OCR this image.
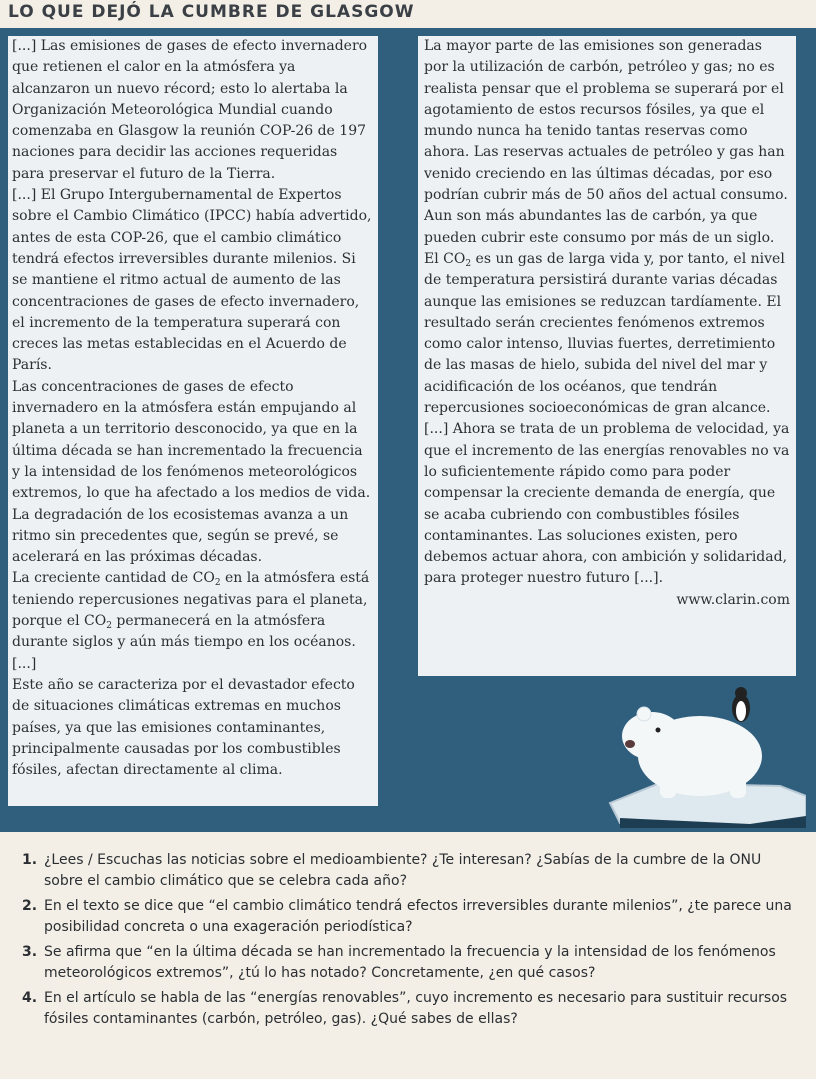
LO QUE DEJÓ LA CUMBRE DE GLASGOW

[...] Las emisiones de gases de efecto invernadero que retienen el calor en la atmósfera ya alcanzaron un nuevo récord; esto lo alertaba la Organización Meteorológica Mundial cuando comenzaba en Glasgow la reunión COP-26 de 197 naciones para decidir las acciones requeridas para preservar el futuro de la Tierra.

[...] El Grupo Intergubernamental de Expertos sobre el Cambio Climático (IPCC) había advertido, antes de esta COP-26, que el cambio climático tendrá efectos irreversibles durante milenios. Si se mantiene el ritmo actual de aumento de las concentraciones de gases de efecto invernadero, el incremento de la temperatura superará con creces las metas establecidas en el Acuerdo de París.

Las concentraciones de gases de efecto invernadero en la atmósfera están empujando al planeta a un territorio desconocido, ya que en la última década se han incrementado la frecuencia y la intensidad de los fenómenos meteorológicos extremos, lo que ha afectado a los medios de vida. La degradación de los ecosistemas avanza a un ritmo sin precedentes que, según se prevé, se acelerará en las próximas décadas.

La creciente cantidad de $CO_2$ en la atmósfera está teniendo repercusiones negativas para el planeta, porque el $CO_2$ permanecerá en la atmósfera durante siglos y aún más tiempo en los océanos. [...]

Este año se caracteriza por el devastador efecto de situaciones climáticas extremas en muchos países, ya que las emisiones contaminantes, principalmente causadas por los combustibles fósiles, afectan directamente al clima.

La mayor parte de las emisiones son generadas por la utilización de carbón, petróleo y gas; no es realista pensar que el problema se superará por el agotamiento de estos recursos fósiles, ya que el mundo nunca ha tenido tantas reservas como ahora. Las reservas actuales de petróleo y gas han venido creciendo en las últimas décadas, por eso podrían cubrir más de 50 años del actual consumo. Aun son más abundantes las de carbón, ya que pueden cubrir este consumo por más de un siglo.

El $CO_2$ es un gas de larga vida y, por tanto, el nivel de temperatura persistirá durante varias décadas aunque las emisiones se reduzcan tardíamente. El resultado serán crecientes fenómenos extremos como calor intenso, lluvias fuertes, derretimiento de las masas de hielo, subida del nivel del mar y acidificación de los océanos, que tendrán repercusiones socioeconómicas de gran alcance.

[...] Ahora se trata de un problema de velocidad, ya que el incremento de las energías renovables no va lo suficientemente rápido como para poder compensar la creciente demanda de energía, que se acaba cubriendo con combustibles fósiles contaminantes. Las soluciones existen, pero debemos actuar ahora, con ambición y solidaridad, para proteger nuestro futuro [...].

www.clarin.com

1. ¿Lees / Escuchas las noticias sobre el medioambiente? ¿Te interesan? ¿Sabías de la cumbre de la ONU sobre el cambio climático que se celebra cada año?
2. En el texto se dice que “el cambio climático tendrá efectos irreversibles durante milenios”, ¿te parece una posibilidad concreta o una exageración periodística?
3. Se afirma que “en la última década se han incrementado la frecuencia y la intensidad de los fenómenos meteorológicos extremos”, ¿tú lo has notado? Concretamente, ¿en qué casos?
4. En el artículo se habla de las “energías renovables”, cuyo incremento es necesario para sustituir recursos fósiles contaminantes (carbón, petróleo, gas). ¿Qué sabes de ellas?
